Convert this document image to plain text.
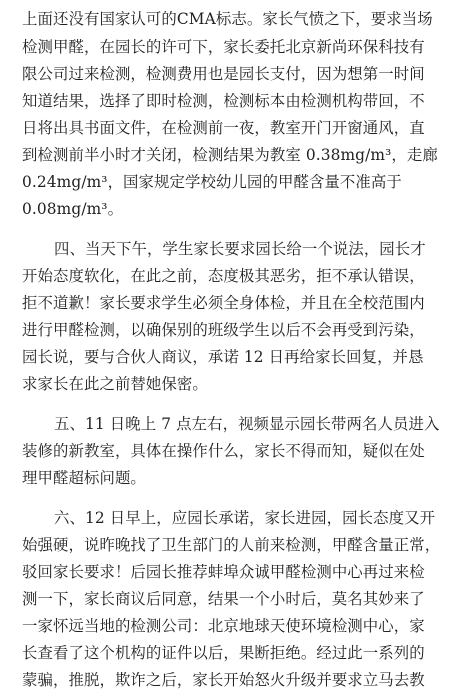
上面还没有国家认可的CMA标志。家长气愤之下，要求当场
检测甲醛，在园长的许可下，家长委托北京新尚环保科技有
限公司过来检测，检测费用也是园长支付，因为想第一时间
知道结果，选择了即时检测，检测标本由检测机构带回，不
日将出具书面文件，在检测前一夜，教室开门开窗通风，直
到检测前半小时才关闭，检测结果为教室 0.38mg/m³，走廊
0.24mg/m³，国家规定学校幼儿园的甲醛含量不准高于
0.08mg/m³。
四、当天下午，学生家长要求园长给一个说法，园长才
开始态度软化，在此之前，态度极其恶劣，拒不承认错误，
拒不道歉！家长要求学生必须全身体检，并且在全校范围内
进行甲醛检测，以确保别的班级学生以后不会再受到污染，
园长说，要与合伙人商议，承诺 12 日再给家长回复，并恳
求家长在此之前替她保密。
五、11 日晚上 7 点左右，视频显示园长带两名人员进入
装修的新教室，具体在操作什么，家长不得而知，疑似在处
理甲醛超标问题。
六、12 日早上，应园长承诺，家长进园，园长态度又开
始强硬，说昨晚找了卫生部门的人前来检测，甲醛含量正常，
驳回家长要求！后园长推荐蚌埠众诚甲醛检测中心再过来检
测一下，家长商议后同意，结果一个小时后，莫名其妙来了
一家怀远当地的检测公司：北京地球天使环境检测中心，家
长查看了这个机构的证件以后，果断拒绝。经过此一系列的
蒙骗，推脱，欺诈之后，家长开始怒火升级并要求立马去教
